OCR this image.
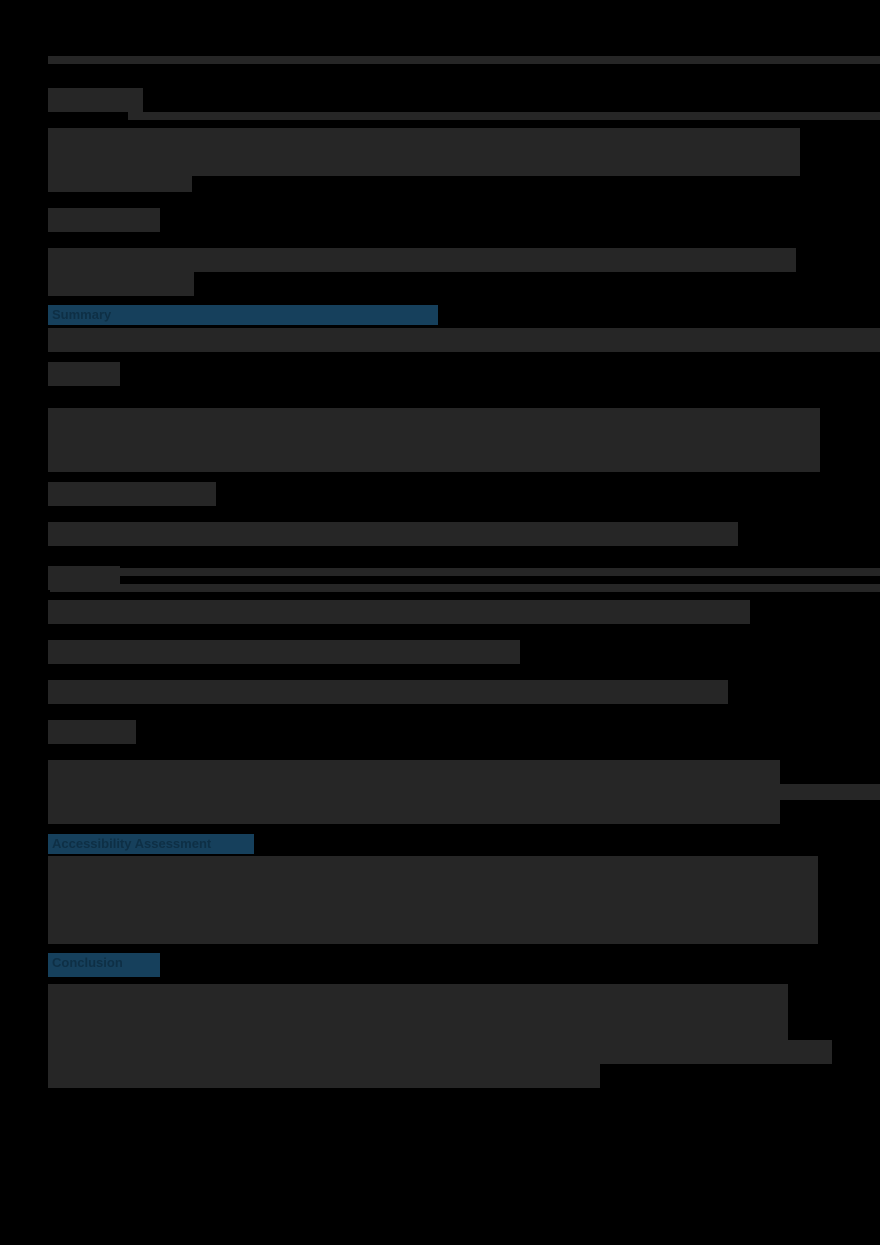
Summary
Accessibility Assessment
Conclusion
